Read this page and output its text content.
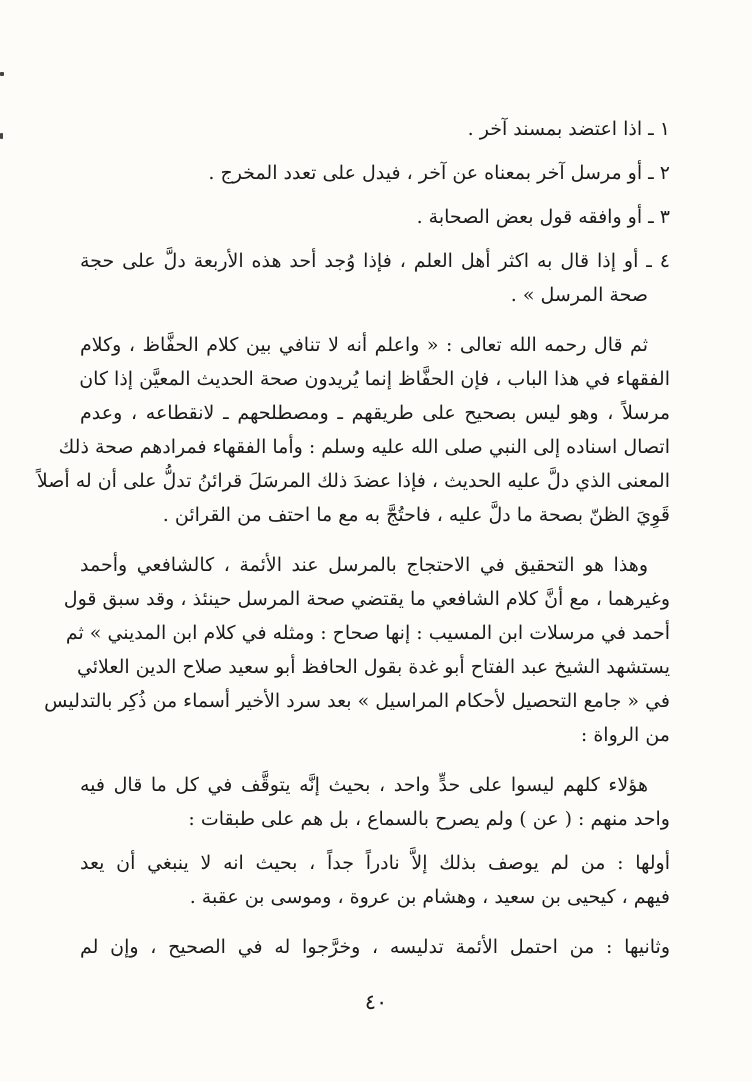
١ ـ اذا اعتضد بمسند آخر .
٢ ـ أو مرسل آخر بمعناه عن آخر ، فيدل على تعدد المخرج .
٣ ـ أو وافقه قول بعض الصحابة .
٤ ـ أو إذا قال به اكثر أهل العلم ، فإذا وُجد أحد هذه الأربعة دلَّ على حجة
صحة المرسل » .
ثم قال رحمه الله تعالى : « واعلم أنه لا تنافي بين كلام الحفَّاظ ، وكلام
الفقهاء في هذا الباب ، فإن الحفَّاظ إنما يُريدون صحة الحديث المعيَّن إذا كان
مرسلاً ، وهو ليس بصحيح على طريقهم ـ ومصطلحهم ـ لانقطاعه ، وعدم
اتصال اسناده إلى النبي صلى الله عليه وسلم : وأما الفقهاء فمرادهم صحة ذلك
المعنى الذي دلَّ عليه الحديث ، فإذا عضدَ ذلك المرسَلَ قرائنُ تدلُّ على أن له أصلاً
قَوِيَ الظنّ بصحة ما دلَّ عليه ، فاحتُجَّ به مع ما احتف من القرائن .
وهذا هو التحقيق في الاحتجاج بالمرسل عند الأئمة ، كالشافعي وأحمد
وغيرهما ، مع أنَّ كلام الشافعي ما يقتضي صحة المرسل حينئذ ، وقد سبق قول
أحمد في مرسلات ابن المسيب : إنها صحاح : ومثله في كلام ابن المديني » ثم
يستشهد الشيخ عبد الفتاح أبو غدة بقول الحافظ أبو سعيد صلاح الدين العلائي
في « جامع التحصيل لأحكام المراسيل » بعد سرد الأخير أسماء من ذُكِر بالتدليس
من الرواة :
هؤلاء كلهم ليسوا على حدٍّ واحد ، بحيث إنَّه يتوقَّف في كل ما قال فيه
واحد منهم : ( عن ) ولم يصرح بالسماع ، بل هم على طبقات :
أولها : من لم يوصف بذلك إلاَّ نادراً جداً ، بحيث انه لا ينبغي أن يعد
فيهم ، كيحيى بن سعيد ، وهشام بن عروة ، وموسى بن عقبة .
وثانيها : من احتمل الأئمة تدليسه ، وخرَّجوا له في الصحيح ، وإن لم
٤٠
